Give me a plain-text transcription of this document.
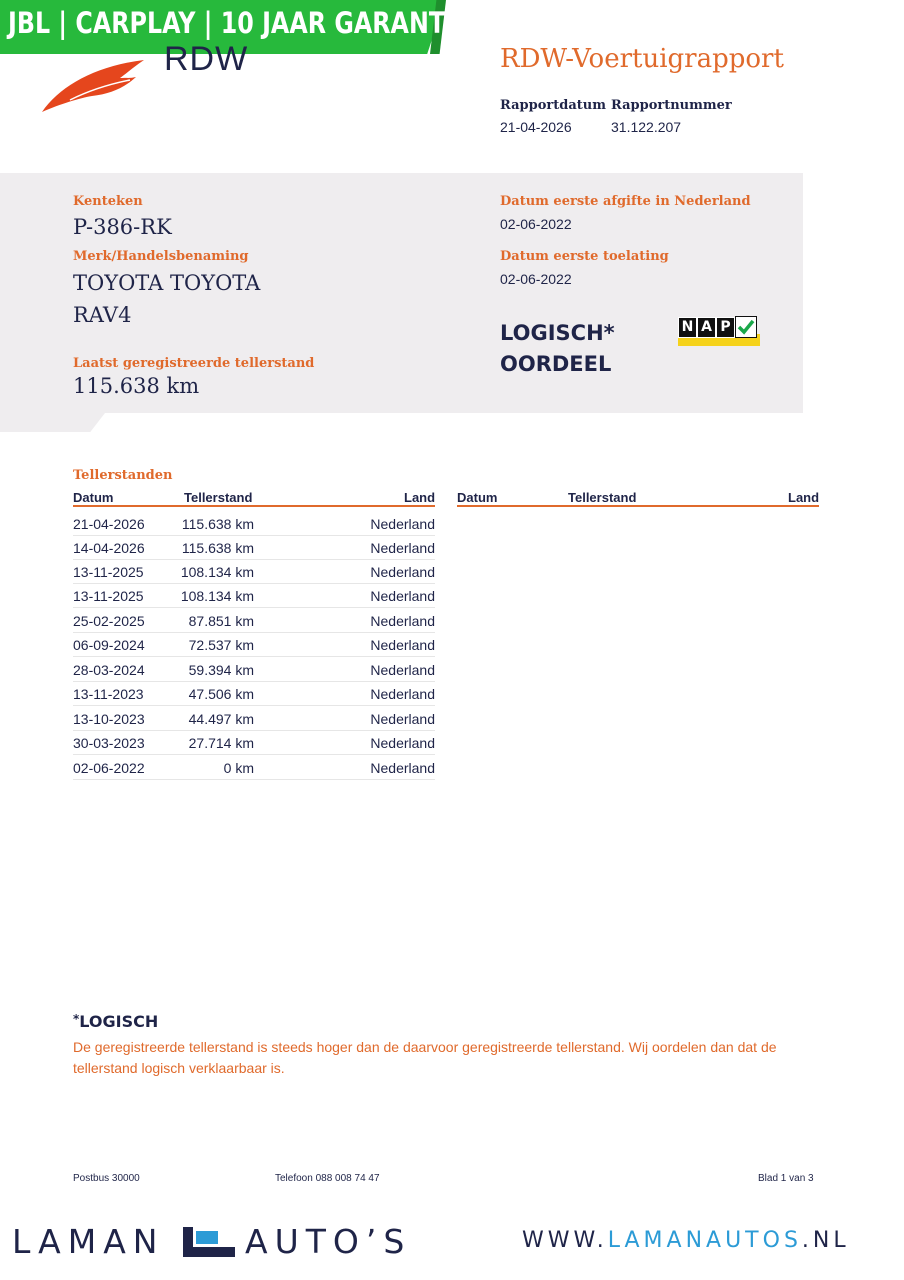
JBL | CARPLAY | 10 JAAR GARANTIE
RDW	RDW-Voertuigrapport
Rapportdatum
21-04-2026
Rapportnummer
31.122.207
Kenteken
P-386-RK
Merk/Handelsbenaming
TOYOTA TOYOTA
RAV4
Laatst geregistreerde tellerstand
115.638 km
Datum eerste afgifte in Nederland
02-06-2022
Datum eerste toelating
02-06-2022
LOGISCH*
OORDEEL
N A P
Tellerstanden
Datum	Tellerstand	Land Datum	Tellerstand	Land
21-04-2026	115.638 km	Nederland
14-04-2026	115.638 km	Nederland
13-11-2025	108.134 km	Nederland
13-11-2025	108.134 km	Nederland
25-02-2025	87.851 km	Nederland
06-09-2024	72.537 km	Nederland
28-03-2024	59.394 km	Nederland
13-11-2023	47.506 km	Nederland
13-10-2023	44.497 km	Nederland
30-03-2023	27.714 km	Nederland
02-06-2022	0 km	Nederland
*LOGISCH
De geregistreerde tellerstand is steeds hoger dan de daarvoor geregistreerde tellerstand. Wij oordelen dan dat de tellerstand logisch verklaarbaar is.
Postbus 30000	Telefoon 088 008 74 47	Blad 1 van 3
LAMAN AUTO’S	WWW.LAMANAUTOS.NL
